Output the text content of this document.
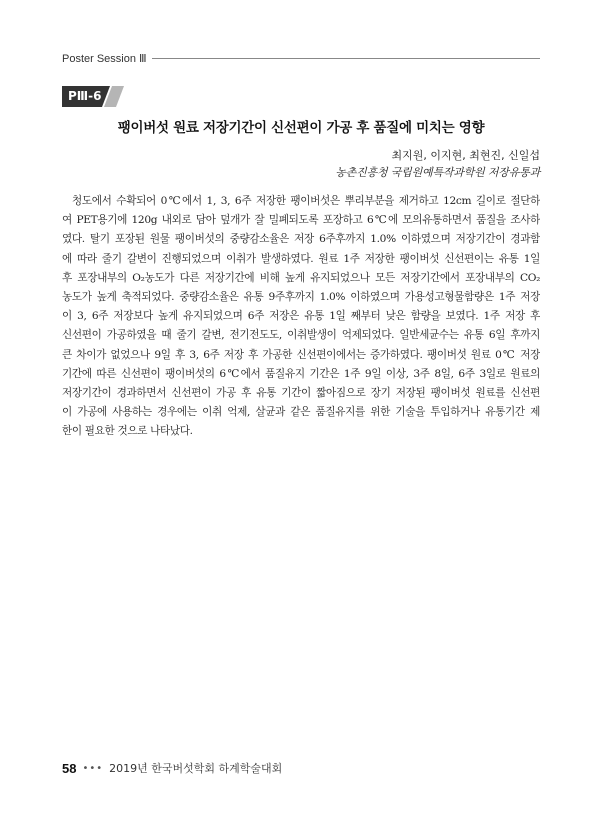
Poster Session Ⅲ
PⅢ-6
팽이버섯 원료 저장기간이 신선편이 가공 후 품질에 미치는 영향
최지원, 이지현, 최현진, 신일섭
농촌진흥청 국립원예특작과학원 저장유통과
청도에서 수확되어 0℃에서 1, 3, 6주 저장한 팽이버섯은 뿌리부분을 제거하고 12cm 길이로 절단하
여 PET용기에 120g 내외로 담아 덮개가 잘 밀폐되도록 포장하고 6℃에 모의유통하면서 품질을 조사하
였다. 탈기 포장된 원물 팽이버섯의 중량감소율은 저장 6주후까지 1.0% 이하였으며 저장기간이 경과함
에 따라 줄기 갈변이 진행되었으며 이취가 발생하였다. 원료 1주 저장한 팽이버섯 신선편이는 유통 1일
후 포장내부의 O₂농도가 다른 저장기간에 비해 높게 유지되었으나 모든 저장기간에서 포장내부의 CO₂
농도가 높게 축적되었다. 중량감소율은 유통 9주후까지 1.0% 이하였으며 가용성고형물함량은 1주 저장
이 3, 6주 저장보다 높게 유지되었으며 6주 저장은 유통 1일 째부터 낮은 함량을 보였다. 1주 저장 후
신선편이 가공하였을 때 줄기 갈변, 전기전도도, 이취발생이 억제되었다. 일반세균수는 유통 6일 후까지
큰 차이가 없었으나 9일 후 3, 6주 저장 후 가공한 신선편이에서는 증가하였다. 팽이버섯 원료 0℃ 저장
기간에 따른 신선편이 팽이버섯의 6℃에서 품질유지 기간은 1주 9일 이상, 3주 8일, 6주 3일로 원료의
저장기간이 경과하면서 신선편이 가공 후 유통 기간이 짧아짐으로 장기 저장된 팽이버섯 원료를 신선편
이 가공에 사용하는 경우에는 이취 억제, 살균과 같은 품질유지를 위한 기술을 투입하거나 유통기간 제
한이 필요한 것으로 나타났다.
58 ••• 2019년 한국버섯학회 하계학술대회
